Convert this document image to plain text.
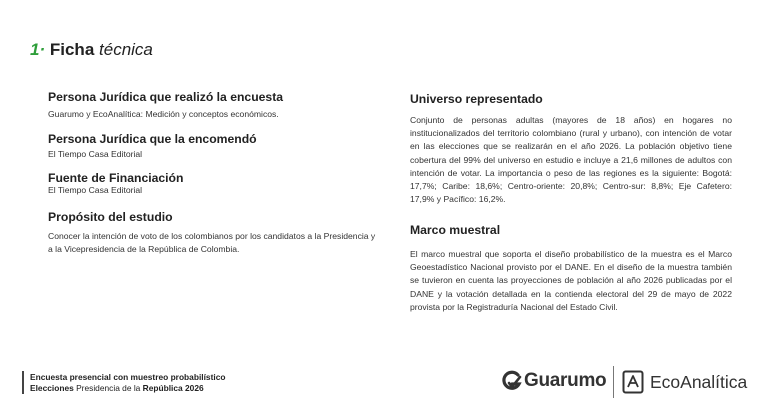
1· Ficha técnica
Persona Jurídica que realizó la encuesta

Guarumo y EcoAnalítica: Medición y conceptos económicos.

Persona Jurídica que la encomendó

El Tiempo Casa Editorial

Fuente de Financiación

El Tiempo Casa Editorial

Propósito del estudio

Conocer la intención de voto de los colombianos por los candidatos a la Presidencia y a la Vicepresidencia de la República de Colombia.

Universo representado

Conjunto de personas adultas (mayores de 18 años) en hogares no institucionalizados del territorio colombiano (rural y urbano), con intención de votar en las elecciones que se realizarán en el año 2026. La población objetivo tiene cobertura del 99% del universo en estudio e incluye a 21,6 millones de adultos con intención de votar. La importancia o peso de las regiones es la siguiente: Bogotá: 17,7%; Caribe: 18,6%; Centro-oriente: 20,8%; Centro-sur: 8,8%; Eje Cafetero: 17,9% y Pacífico: 16,2%.

Marco muestral

El marco muestral que soporta el diseño probabilístico de la muestra es el Marco Geoestadístico Nacional provisto por el DANE. En el diseño de la muestra también se tuvieron en cuenta las proyecciones de población al año 2026 publicadas por el DANE y la votación detallada en la contienda electoral del 29 de mayo de 2022 provista por la Registraduría Nacional del Estado Civil.

Encuesta presencial con muestreo probabilístico
Elecciones Presidencia de la República 2026	Guarumo EcoAnalítica
